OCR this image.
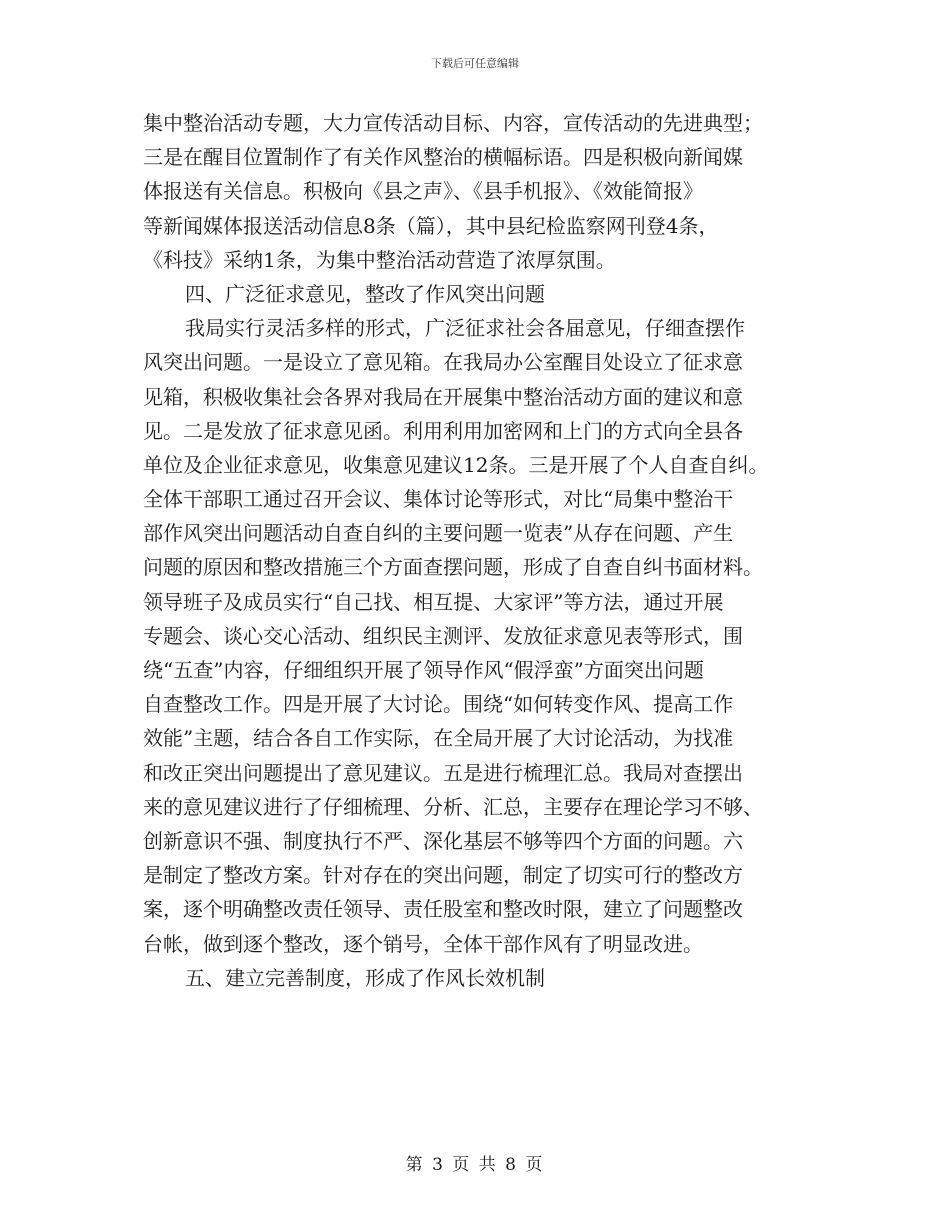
下载后可任意编辑
集中整治活动专题，大力宣传活动目标、内容，宣传活动的先进典型；
三是在醒目位置制作了有关作风整治的横幅标语。四是积极向新闻媒
体报送有关信息。积极向《县之声》、《县手机报》、《效能简报》
等新闻媒体报送活动信息8条（篇），其中县纪检监察网刊登4条，
《科技》采纳1条，为集中整治活动营造了浓厚氛围。
四、广泛征求意见，整改了作风突出问题
我局实行灵活多样的形式，广泛征求社会各届意见，仔细查摆作
风突出问题。一是设立了意见箱。在我局办公室醒目处设立了征求意
见箱，积极收集社会各界对我局在开展集中整治活动方面的建议和意
见。二是发放了征求意见函。利用利用加密网和上门的方式向全县各
单位及企业征求意见，收集意见建议12条。三是开展了个人自查自纠。
全体干部职工通过召开会议、集体讨论等形式，对比“局集中整治干
部作风突出问题活动自查自纠的主要问题一览表”从存在问题、产生
问题的原因和整改措施三个方面查摆问题，形成了自查自纠书面材料。
领导班子及成员实行“自己找、相互提、大家评”等方法，通过开展
专题会、谈心交心活动、组织民主测评、发放征求意见表等形式，围
绕“五查”内容，仔细组织开展了领导作风“假浮蛮”方面突出问题
自查整改工作。四是开展了大讨论。围绕“如何转变作风、提高工作
效能”主题，结合各自工作实际，在全局开展了大讨论活动，为找准
和改正突出问题提出了意见建议。五是进行梳理汇总。我局对查摆出
来的意见建议进行了仔细梳理、分析、汇总，主要存在理论学习不够、
创新意识不强、制度执行不严、深化基层不够等四个方面的问题。六
是制定了整改方案。针对存在的突出问题，制定了切实可行的整改方
案，逐个明确整改责任领导、责任股室和整改时限，建立了问题整改
台帐，做到逐个整改，逐个销号，全体干部作风有了明显改进。
五、建立完善制度，形成了作风长效机制
第 3 页 共 8 页
